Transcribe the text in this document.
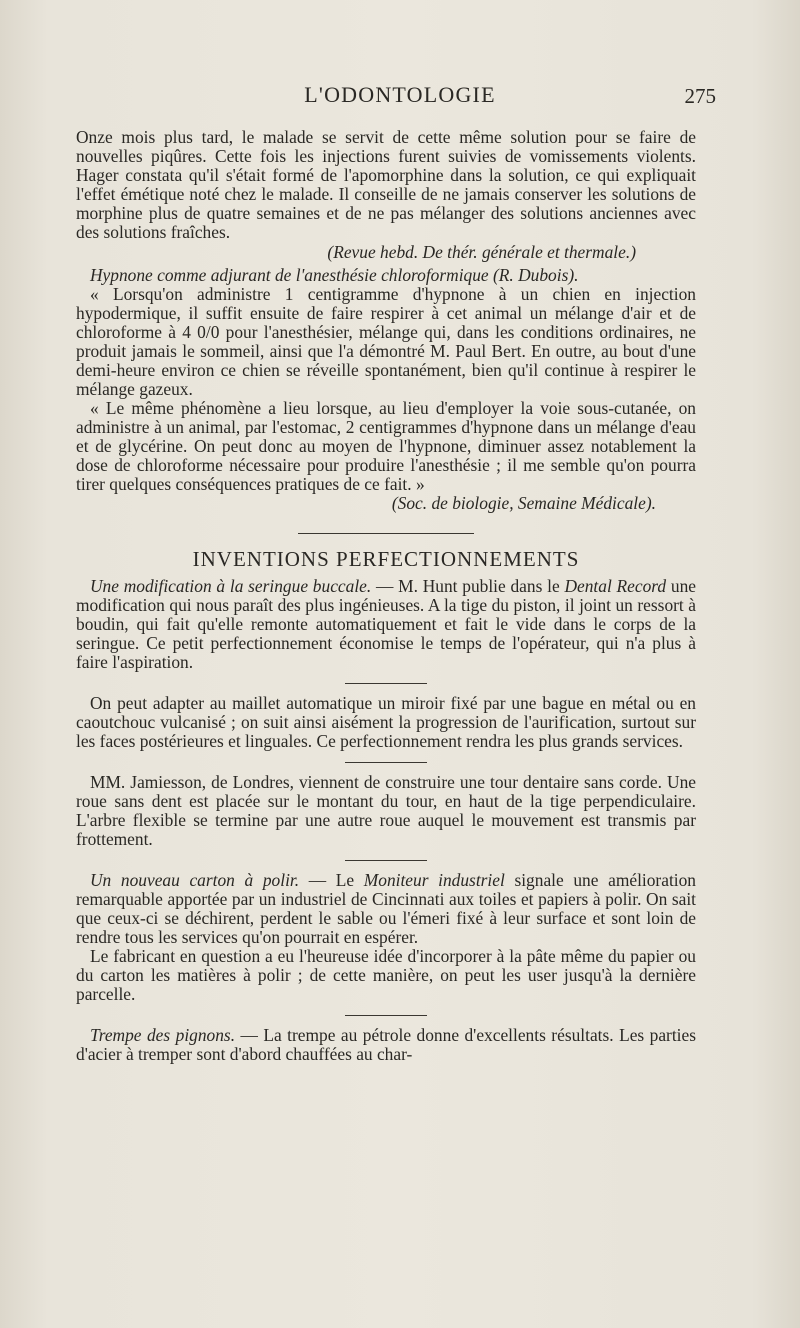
L'ODONTOLOGIE	275

Onze mois plus tard, le malade se servit de cette même solution pour se faire de nouvelles piqûres. Cette fois les injections furent suivies de vomissements violents. Hager constata qu'il s'était formé de l'apomorphine dans la solution, ce qui expliquait l'effet émétique noté chez le malade. Il conseille de ne jamais conserver les solutions de morphine plus de quatre semaines et de ne pas mélanger des solutions anciennes avec des solutions fraîches.

(Revue hebd. De thér. générale et thermale.)

Hypnone comme adjurant de l'anesthésie chloroformique (R. Dubois).

« Lorsqu'on administre 1 centigramme d'hypnone à un chien en injection hypodermique, il suffit ensuite de faire respirer à cet animal un mélange d'air et de chloroforme à 4 0/0 pour l'anesthésier, mélange qui, dans les conditions ordinaires, ne produit jamais le sommeil, ainsi que l'a démontré M. Paul Bert. En outre, au bout d'une demi-heure environ ce chien se réveille spontanément, bien qu'il continue à respirer le mélange gazeux.

« Le même phénomène a lieu lorsque, au lieu d'employer la voie sous-cutanée, on administre à un animal, par l'estomac, 2 centigrammes d'hypnone dans un mélange d'eau et de glycérine. On peut donc au moyen de l'hypnone, diminuer assez notablement la dose de chloroforme nécessaire pour produire l'anesthésie ; il me semble qu'on pourra tirer quelques conséquences pratiques de ce fait. »

(Soc. de biologie, Semaine Médicale).

INVENTIONS PERFECTIONNEMENTS

Une modification à la seringue buccale. — M. Hunt publie dans le Dental Record une modification qui nous paraît des plus ingénieuses. A la tige du piston, il joint un ressort à boudin, qui fait qu'elle remonte automatiquement et fait le vide dans le corps de la seringue. Ce petit perfectionnement économise le temps de l'opérateur, qui n'a plus à faire l'aspiration.

On peut adapter au maillet automatique un miroir fixé par une bague en métal ou en caoutchouc vulcanisé ; on suit ainsi aisément la progression de l'aurification, surtout sur les faces postérieures et linguales. Ce perfectionnement rendra les plus grands services.

MM. Jamiesson, de Londres, viennent de construire une tour dentaire sans corde. Une roue sans dent est placée sur le montant du tour, en haut de la tige perpendiculaire. L'arbre flexible se termine par une autre roue auquel le mouvement est transmis par frottement.

Un nouveau carton à polir. — Le Moniteur industriel signale une amélioration remarquable apportée par un industriel de Cincinnati aux toiles et papiers à polir. On sait que ceux-ci se déchirent, perdent le sable ou l'émeri fixé à leur surface et sont loin de rendre tous les services qu'on pourrait en espérer.

Le fabricant en question a eu l'heureuse idée d'incorporer à la pâte même du papier ou du carton les matières à polir ; de cette manière, on peut les user jusqu'à la dernière parcelle.

Trempe des pignons. — La trempe au pétrole donne d'excellents résultats. Les parties d'acier à tremper sont d'abord chauffées au char-
